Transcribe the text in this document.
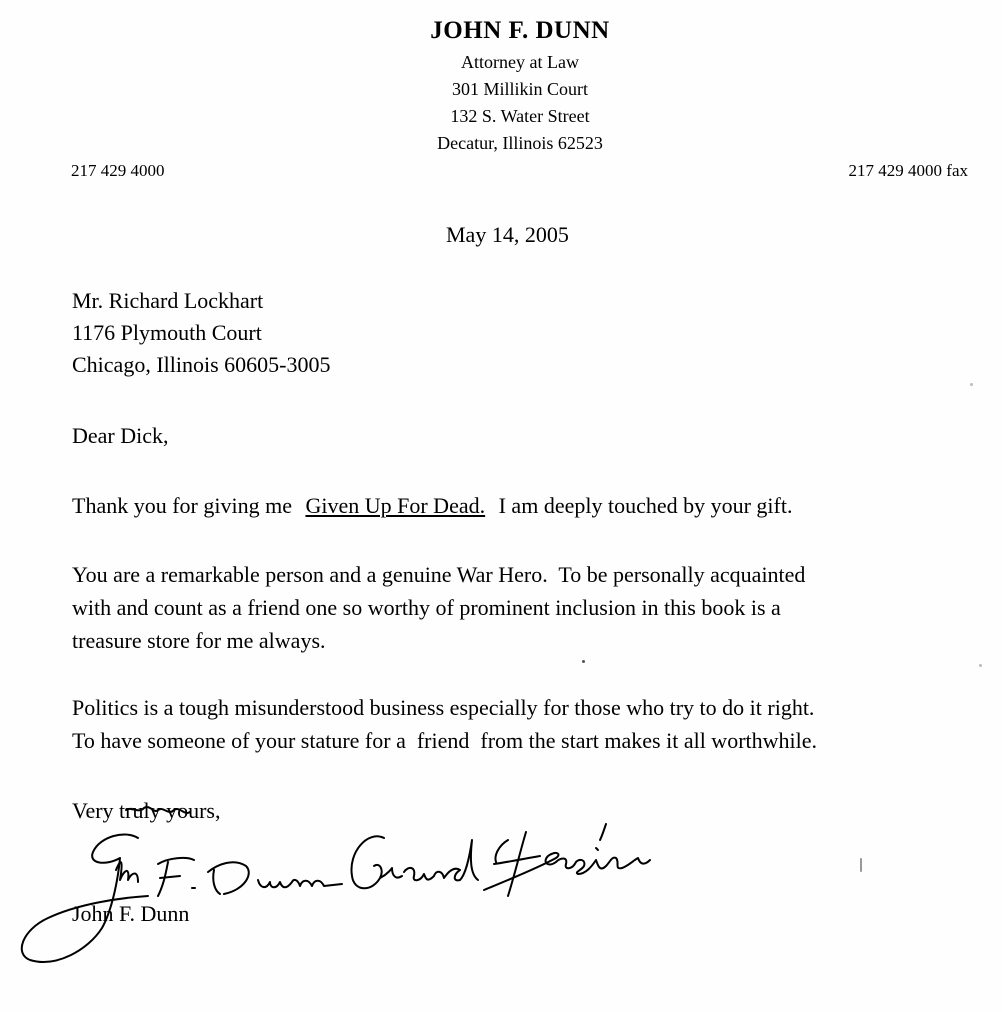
JOHN F. DUNN
Attorney at Law
301 Millikin Court
132 S. Water Street
Decatur, Illinois 62523
217 429 4000	217 429 4000 fax
May 14, 2005
Mr. Richard Lockhart
1176 Plymouth Court
Chicago, Illinois 60605-3005
Dear Dick,
Thank you for giving me Given Up For Dead. I am deeply touched by your gift.
You are a remarkable person and a genuine War Hero.  To be personally acquainted
with and count as a friend one so worthy of prominent inclusion in this book is a
treasure store for me always.
Politics is a tough misunderstood business especially for those who try to do it right.
To have someone of your stature for a  friend  from the start makes it all worthwhile.
Very truly yours,
John F. Dunn
